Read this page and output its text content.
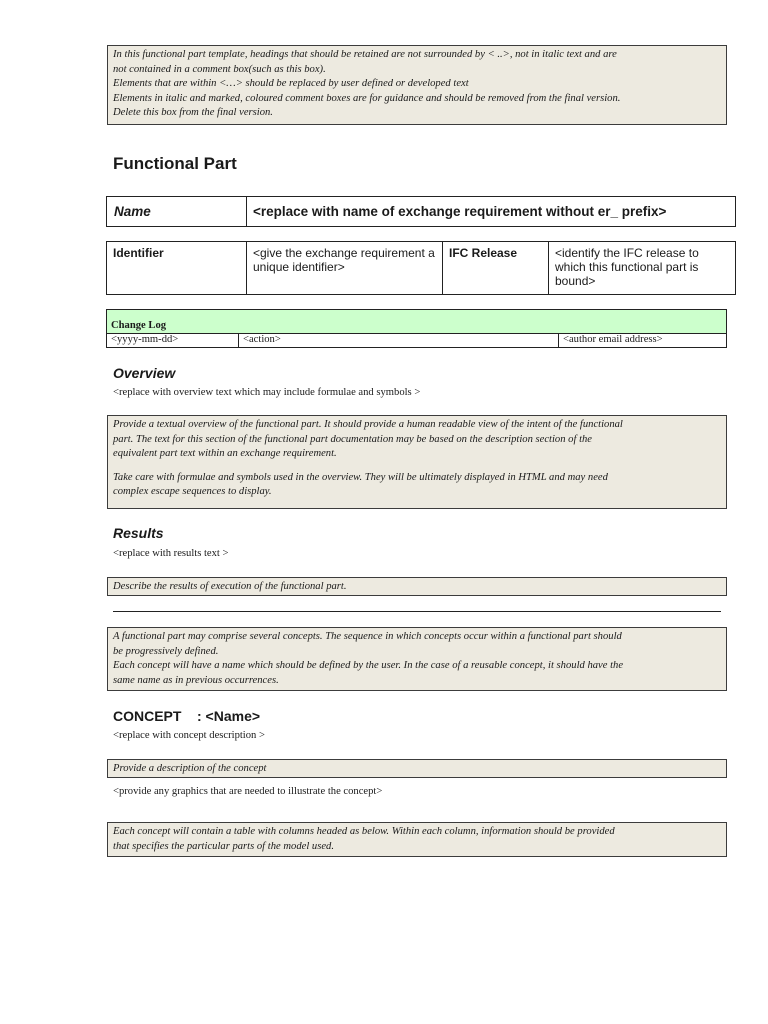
In this functional part template, headings that should be retained are not surrounded by < ..>, not in italic text and are
not contained in a comment box(such as this box).
Elements that are within <…> should be replaced by user defined or developed text
Elements in italic and marked, coloured comment boxes are for guidance and should be removed from the final version.
Delete this box from the final version.
Functional Part
Name	<replace with name of exchange requirement without er_ prefix>
Identifier	<give the exchange requirement a unique identifier>	IFC Release	<identify the IFC release to which this functional part is bound>
Change Log
<yyyy-mm-dd>	<action>	<author email address>
Overview
<replace with overview text which may include formulae and symbols >
Provide a textual overview of the functional part. It should provide a human readable view of the intent of the functional
part. The text for this section of the functional part documentation may be based on the description section of the
equivalent part text within an exchange requirement.
Take care with formulae and symbols used in the overview. They will be ultimately displayed in HTML and may need
complex escape sequences to display.
Results
<replace with results text >
Describe the results of execution of the functional part.
A functional part may comprise several concepts. The sequence in which concepts occur within a functional part should
be progressively defined.
Each concept will have a name which should be defined by the user. In the case of a reusable concept, it should have the
same name as in previous occurrences.
CONCEPT    : <Name>
<replace with concept description >
Provide a description of the concept
<provide any graphics that are needed to illustrate the concept>
Each concept will contain a table with columns headed as below. Within each column, information should be provided
that specifies the particular parts of the model used.
